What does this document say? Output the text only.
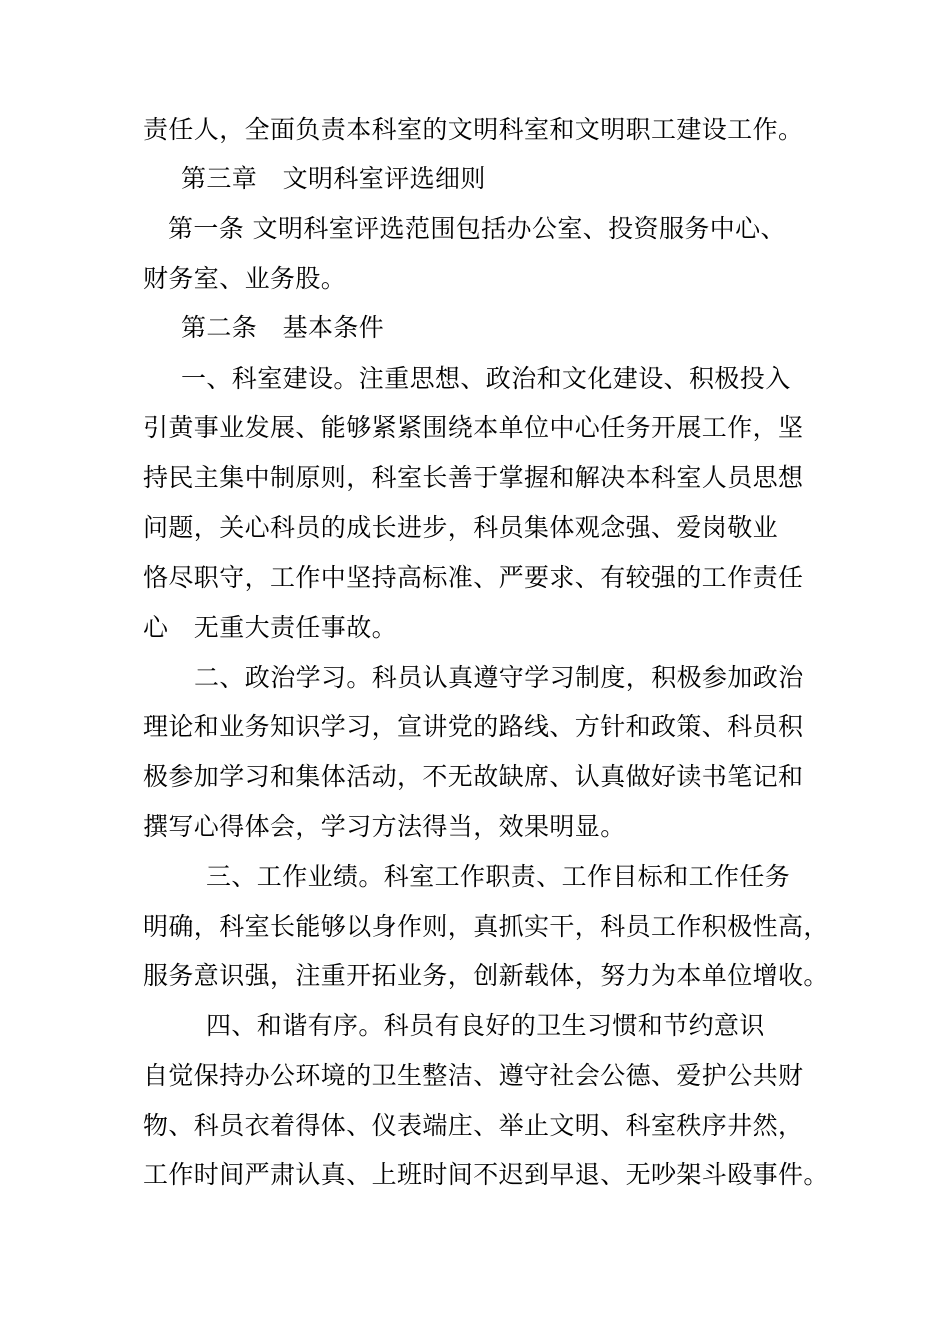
责任人，全面负责本科室的文明科室和文明职工建设工作。
第三章　文明科室评选细则
第一条 文明科室评选范围包括办公室、投资服务中心、
财务室、业务股。
第二条　基本条件
一、科室建设。注重思想、政治和文化建设、积极投入
引黄事业发展、能够紧紧围绕本单位中心任务开展工作，坚
持民主集中制原则，科室长善于掌握和解决本科室人员思想
问题，关心科员的成长进步，科员集体观念强、爱岗敬业
恪尽职守，工作中坚持高标准、严要求、有较强的工作责任
心　无重大责任事故。
二、政治学习。科员认真遵守学习制度，积极参加政治
理论和业务知识学习，宣讲党的路线、方针和政策、科员积
极参加学习和集体活动，不无故缺席、认真做好读书笔记和
撰写心得体会，学习方法得当，效果明显。
三、工作业绩。科室工作职责、工作目标和工作任务
明确，科室长能够以身作则，真抓实干，科员工作积极性高，
服务意识强，注重开拓业务，创新载体，努力为本单位增收。
四、和谐有序。科员有良好的卫生习惯和节约意识
自觉保持办公环境的卫生整洁、遵守社会公德、爱护公共财
物、科员衣着得体、仪表端庄、举止文明、科室秩序井然，
工作时间严肃认真、上班时间不迟到早退、无吵架斗殴事件。
